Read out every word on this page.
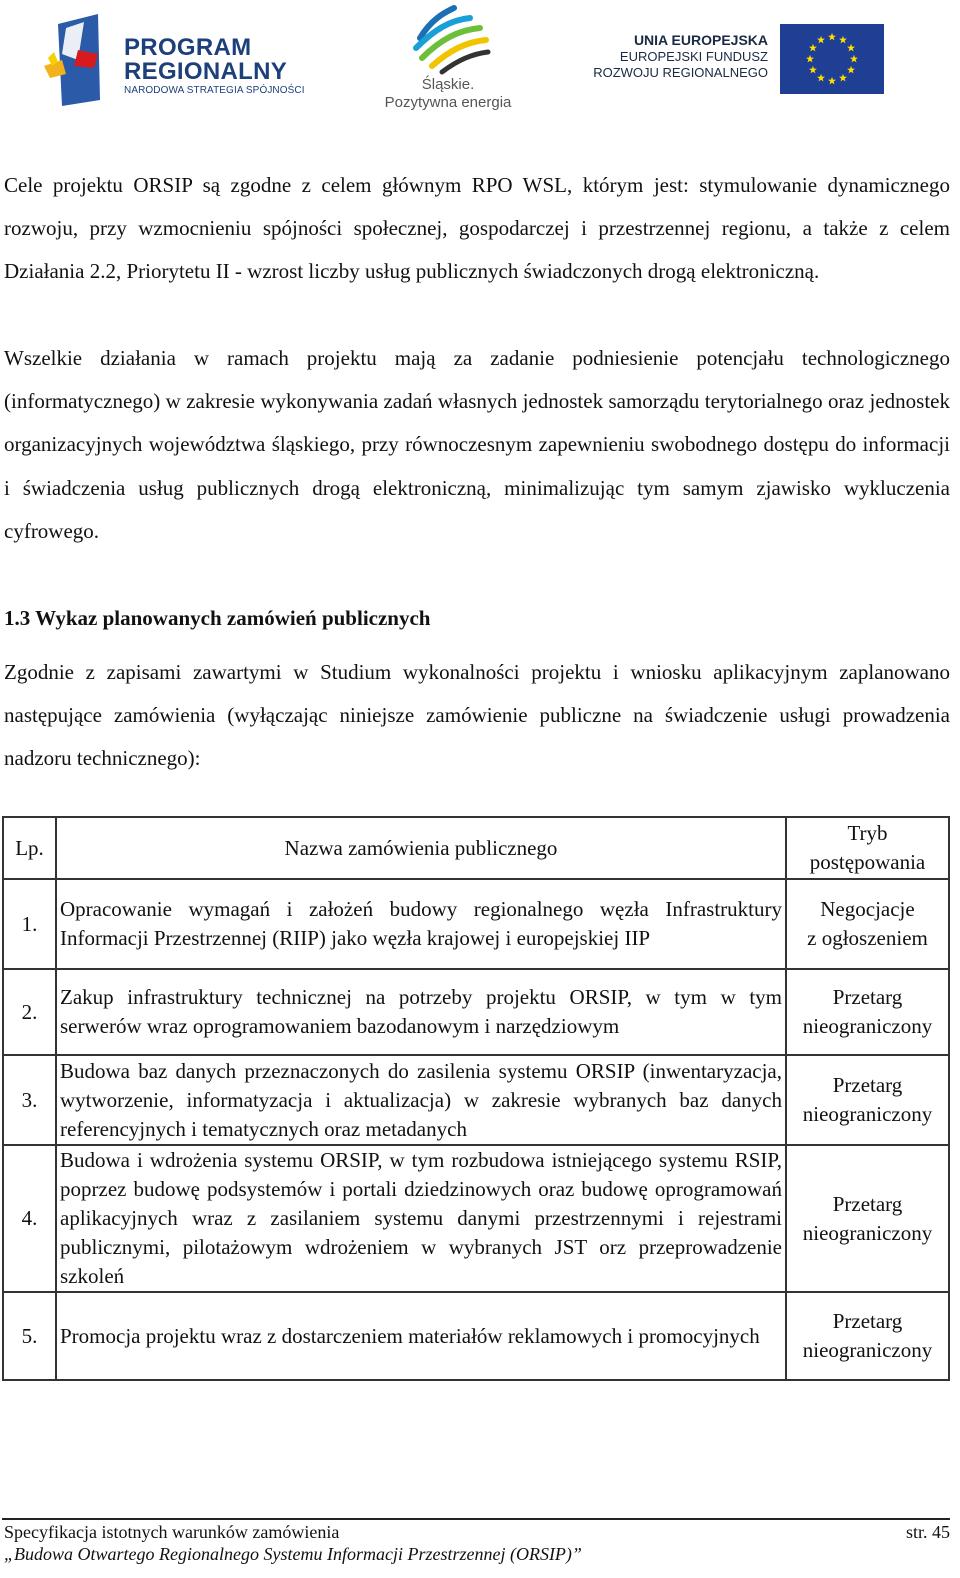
PROGRAM
REGIONALNY
NARODOWA STRATEGIA SPÓJNOŚCI	Śląskie.
Pozytywna energia
UNIA EUROPEJSKA
EUROPEJSKI FUNDUSZ
ROZWOJU REGIONALNEGO

Cele projektu ORSIP są zgodne z celem głównym RPO WSL, którym jest: stymulowanie dynamicznego rozwoju, przy wzmocnieniu spójności społecznej, gospodarczej i przestrzennej regionu, a także z celem Działania 2.2, Priorytetu II - wzrost liczby usług publicznych świadczonych drogą elektroniczną.

Wszelkie działania w ramach projektu mają za zadanie podniesienie potencjału technologicznego (informatycznego) w zakresie wykonywania zadań własnych jednostek samorządu terytorialnego oraz jednostek organizacyjnych województwa śląskiego, przy równoczesnym zapewnieniu swobodnego dostępu do informacji i świadczenia usług publicznych drogą elektroniczną, minimalizując tym samym zjawisko wykluczenia cyfrowego.

1.3 Wykaz planowanych zamówień publicznych

Zgodnie z zapisami zawartymi w Studium wykonalności projektu i wniosku aplikacyjnym zaplanowano następujące zamówienia (wyłączając niniejsze zamówienie publiczne na świadczenie usługi prowadzenia nadzoru technicznego):

Lp.	Nazwa zamówienia publicznego	Tryb
postępowania

1.	Opracowanie wymagań i założeń budowy regionalnego węzła Infrastruktury Informacji Przestrzennej (RIIP) jako węzła krajowej i europejskiej IIP	Negocjacje
z ogłoszeniem

2.	Zakup infrastruktury technicznej na potrzeby projektu ORSIP, w tym w tym serwerów wraz oprogramowaniem bazodanowym i narzędziowym	Przetarg
nieograniczony

3.	Budowa baz danych przeznaczonych do zasilenia systemu ORSIP (inwentaryzacja, wytworzenie, informatyzacja i aktualizacja) w zakresie wybranych baz danych referencyjnych i tematycznych oraz metadanych	Przetarg
nieograniczony

4.	Budowa i wdrożenia systemu ORSIP, w tym rozbudowa istniejącego systemu RSIP, poprzez budowę podsystemów i portali dziedzinowych oraz budowę oprogramowań aplikacyjnych wraz z zasilaniem systemu danymi przestrzennymi i rejestrami publicznymi, pilotażowym wdrożeniem w wybranych JST orz przeprowadzenie szkoleń	Przetarg
nieograniczony

5.	Promocja projektu wraz z dostarczeniem materiałów reklamowych i promocyjnych	Przetarg
nieograniczony
Specyfikacja istotnych warunków zamówienia	str. 45
„Budowa Otwartego Regionalnego Systemu Informacji Przestrzennej (ORSIP)”
